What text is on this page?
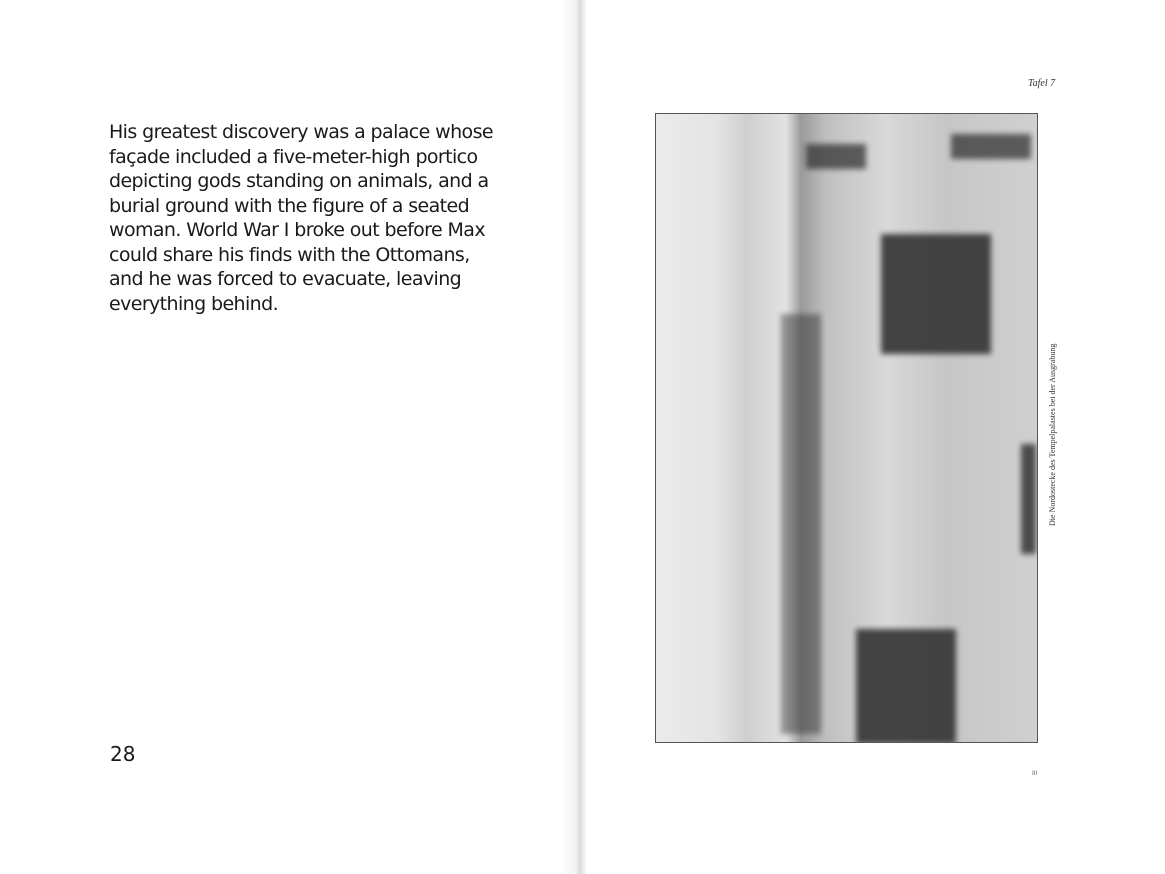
His greatest discovery was a palace whose façade included a five-meter-high portico depicting gods standing on animals, and a burial ground with the figure of a seated woman. World War I broke out before Max could share his finds with the Ottomans, and he was forced to evacuate, leaving everything behind.
28
Tafel 7
Die Nordostecke des Tempelpalastes bei der Ausgrabung
III
